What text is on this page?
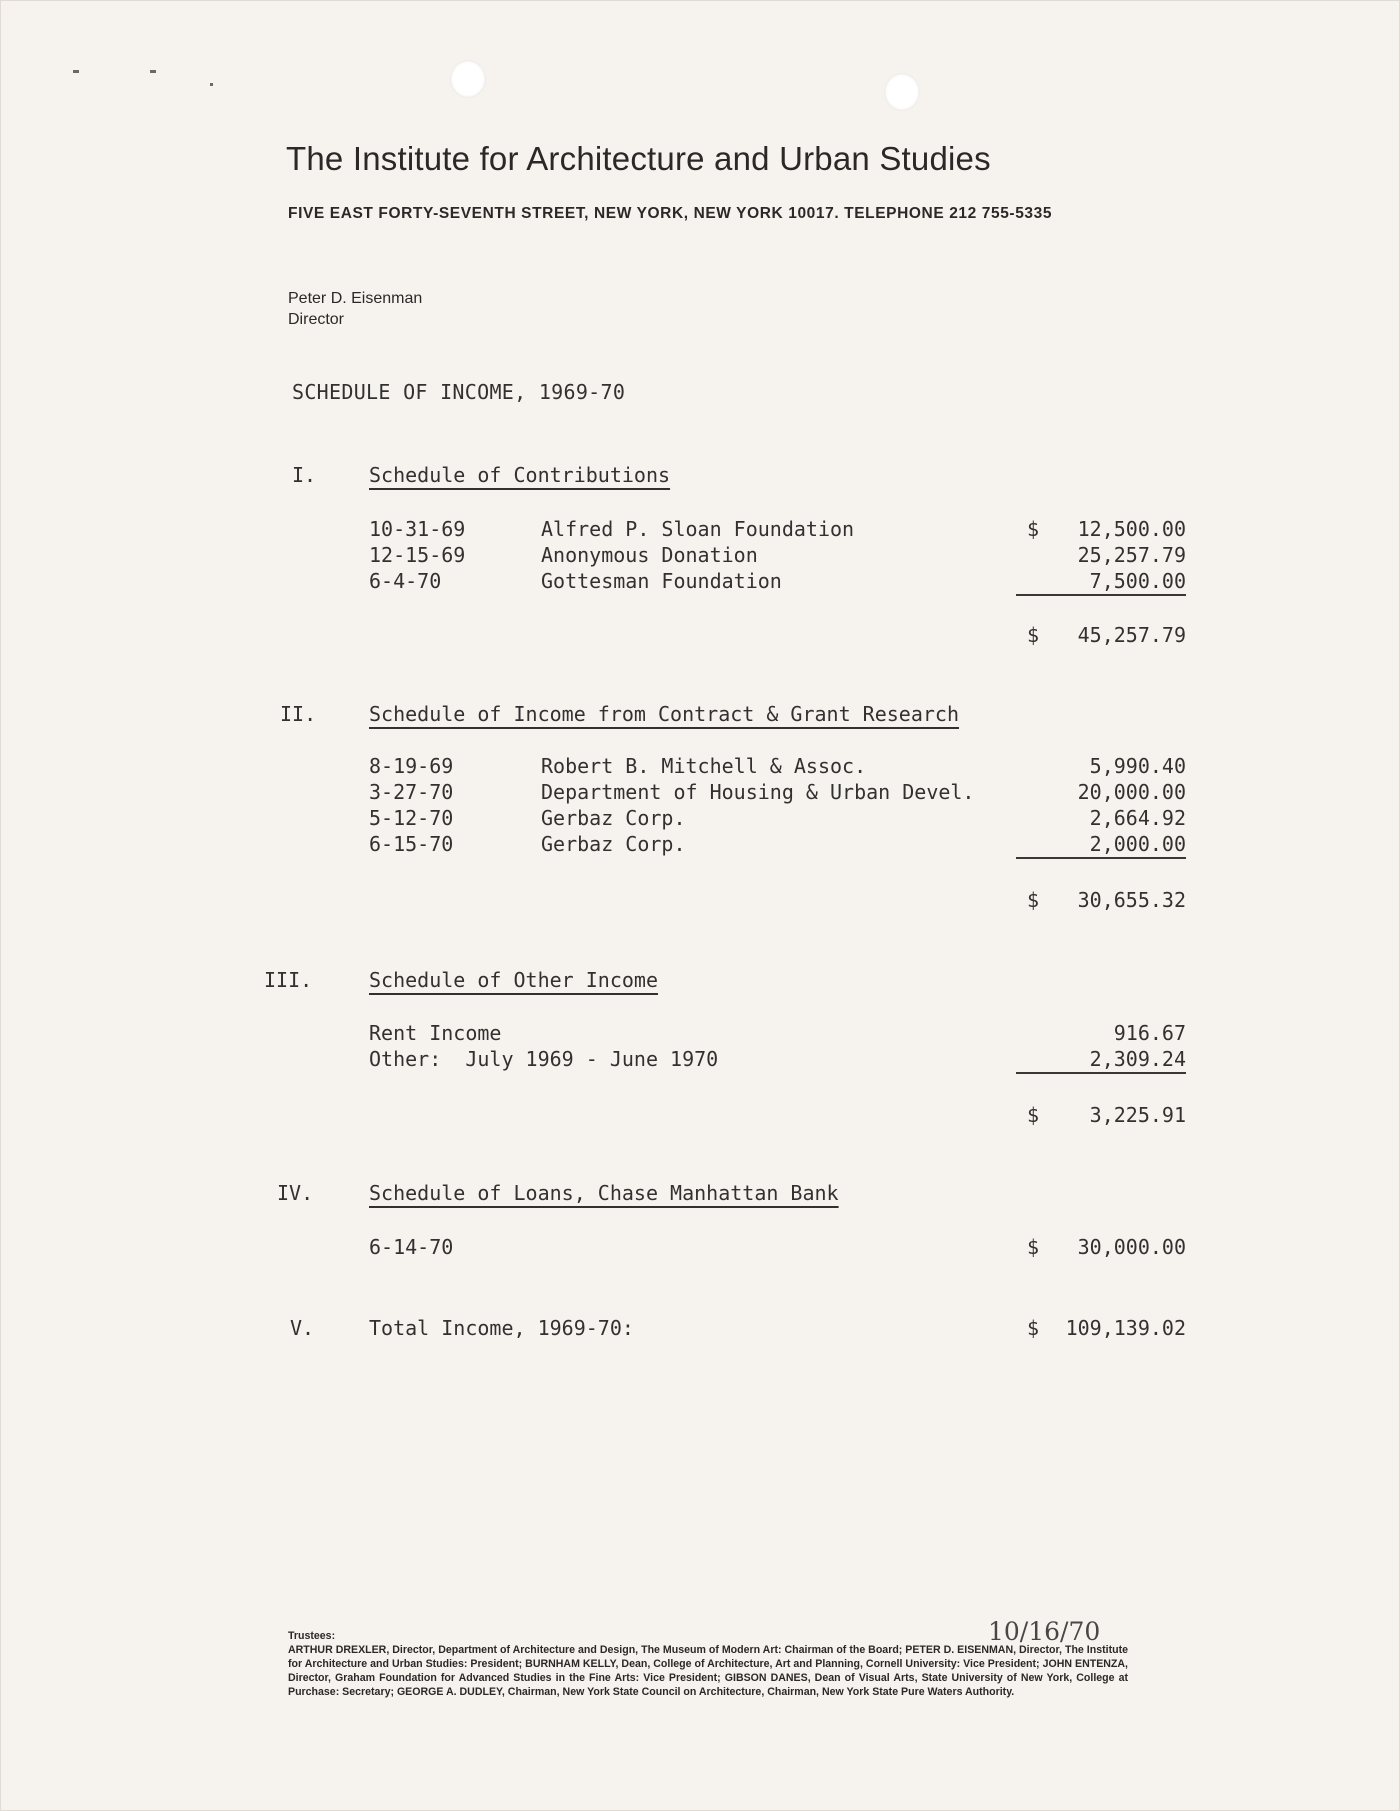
The Institute for Architecture and Urban Studies
FIVE EAST FORTY-SEVENTH STREET, NEW YORK, NEW YORK 10017. TELEPHONE 212 755-5335
Peter D. Eisenman
Director
SCHEDULE OF INCOME, 1969-70
I.	Schedule of Contributions
10-31-69	Alfred P. Sloan Foundation	$	12,500.00
12-15-69	Anonymous Donation	25,257.79
6-4-70	Gottesman Foundation	7,500.00
$	45,257.79
II.	Schedule of Income from Contract & Grant Research
8-19-69	Robert B. Mitchell & Assoc.	5,990.40
3-27-70	Department of Housing & Urban Devel.	20,000.00
5-12-70	Gerbaz Corp.	2,664.92
6-15-70	Gerbaz Corp.	2,000.00
$	30,655.32
III.	Schedule of Other Income
Rent Income	916.67
Other:  July 1969 - June 1970	2,309.24
$	3,225.91
IV.	Schedule of Loans, Chase Manhattan Bank
6-14-70	$	30,000.00
V.	Total Income, 1969-70:	$	109,139.02
10/16/70
Trustees:
ARTHUR DREXLER, Director, Department of Architecture and Design, The Museum of Modern Art: Chairman of the Board; PETER D. EISENMAN, Director, The Institute for Architecture and Urban Studies: President; BURNHAM KELLY, Dean, College of Architecture, Art and Planning, Cornell University: Vice President; JOHN ENTENZA, Director, Graham Foundation for Advanced Studies in the Fine Arts: Vice President; GIBSON DANES, Dean of Visual Arts, State University of New York, College at Purchase: Secretary; GEORGE A. DUDLEY, Chairman, New York State Council on Architecture, Chairman, New York State Pure Waters Authority.
